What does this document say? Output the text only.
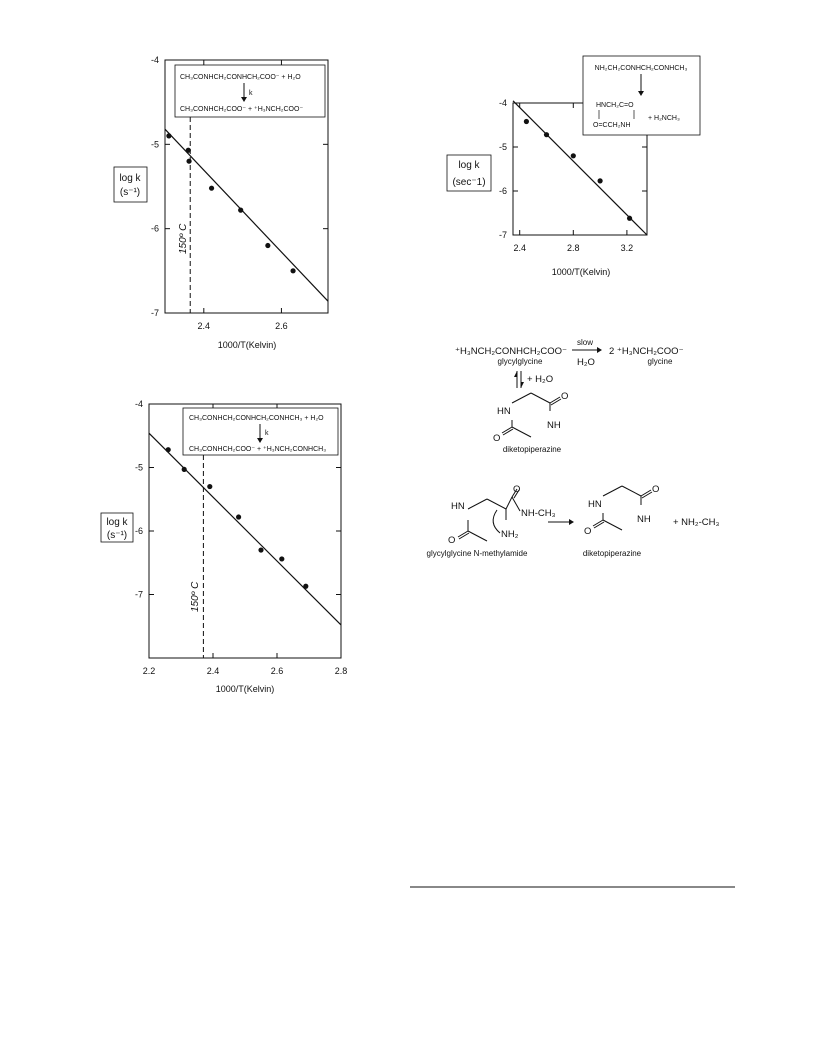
-4
-5
-6
-7
2.4	2.6
150º C
log k
(s⁻¹)
1000/T(Kelvin)
CH₃CONHCH₂CONHCH₂COO⁻ + H₂O
k
CH₃CONHCH₂COO⁻ + ⁺H₃NCH₂COO⁻
-4
-5
-6
-7
2.4	2.8	3.2
log k
(sec⁻1)
1000/T(Kelvin)
NH₂CH₂CONHCH₂CONHCH₃
HNCH₂C=O
O=CCH₂NH
+ H₂NCH₃
-4
-5
-6
-7
2.2	2.4	2.6	2.8
150º C
log k
(s⁻¹)
1000/T(Kelvin)
CH₃CONHCH₂CONHCH₂CONHCH₃ + H₂O
k
CH₃CONHCH₂COO⁻ + ⁺H₃NCH₂CONHCH₃
⁺H₃NCH₂CONHCH₂COO⁻
glycylglycine
slow
H₂O
2 ⁺H₃NCH₂COO⁻
glycine
+ H₂O
HN
NH
O
O
diketopiperazine
HN
O
NH-CH₃
NH₂
O
glycylglycine N-methylamide
HN
NH
O
O
diketopiperazine
+ NH₂-CH₃
